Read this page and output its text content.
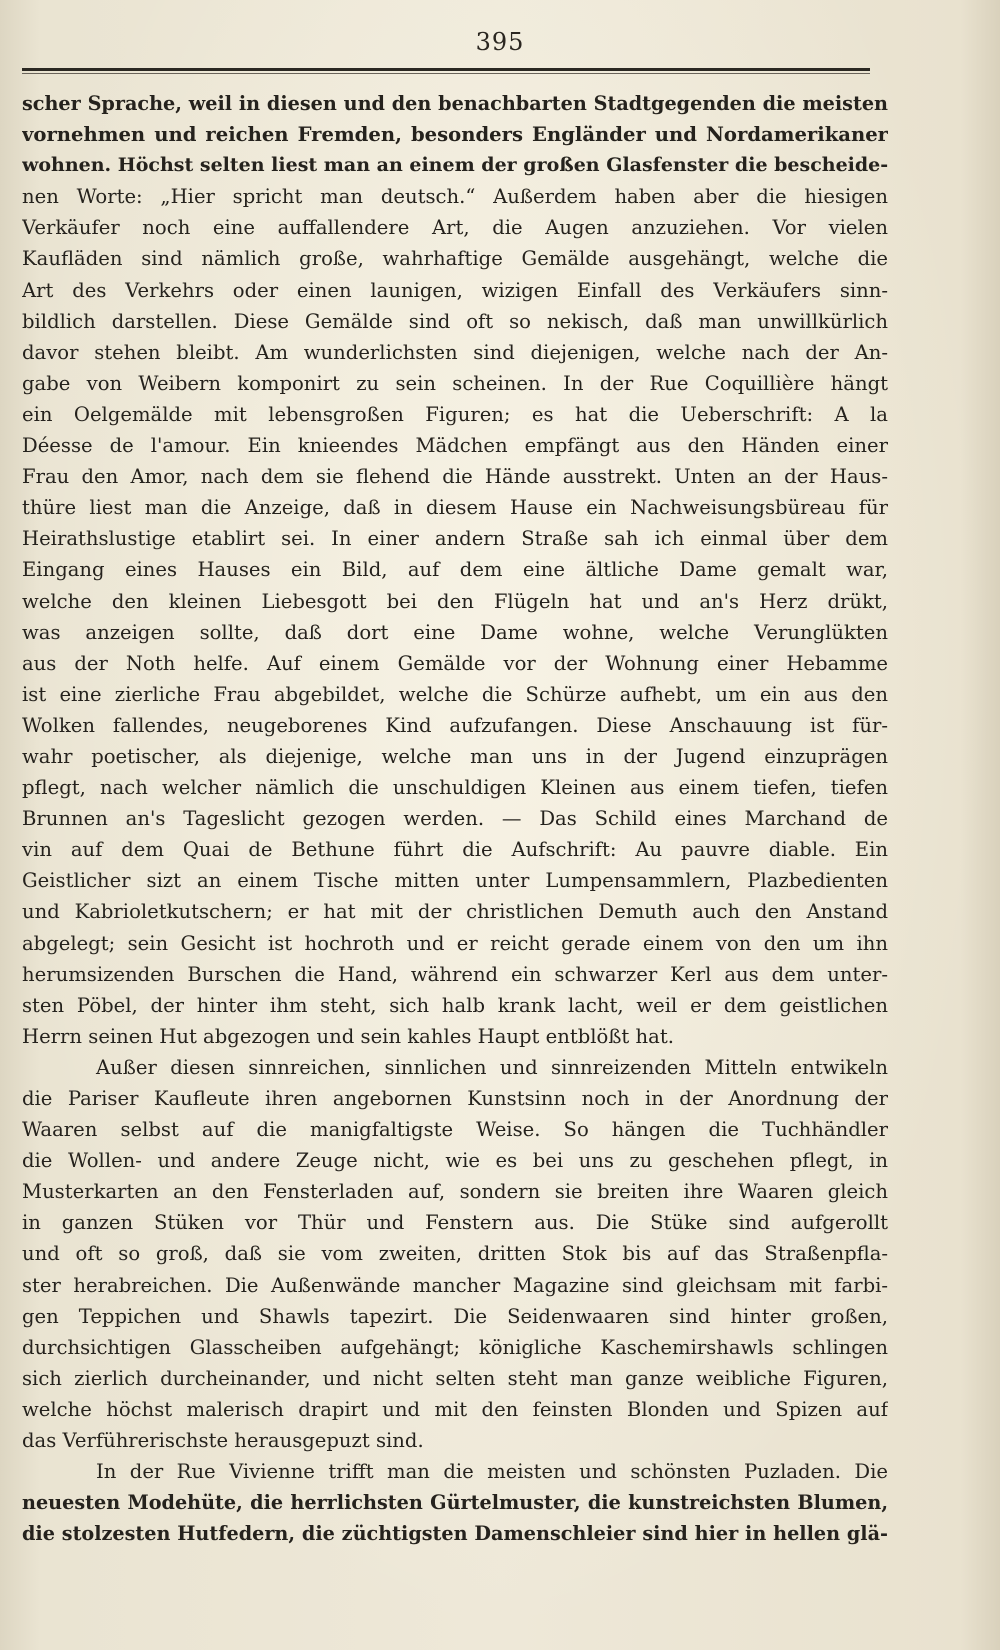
395
scher Sprache, weil in diesen und den benachbarten Stadtgegenden die meisten
vornehmen und reichen Fremden, besonders Engländer und Nordamerikaner
wohnen. Höchst selten liest man an einem der großen Glasfenster die bescheide-
nen Worte: „Hier spricht man deutsch.“ Außerdem haben aber die hiesigen
Verkäufer noch eine auffallendere Art, die Augen anzuziehen. Vor vielen
Kaufläden sind nämlich große, wahrhaftige Gemälde ausgehängt, welche die
Art des Verkehrs oder einen launigen, wizigen Einfall des Verkäufers sinn-
bildlich darstellen. Diese Gemälde sind oft so nekisch, daß man unwillkürlich
davor stehen bleibt. Am wunderlichsten sind diejenigen, welche nach der An-
gabe von Weibern komponirt zu sein scheinen. In der Rue Coquillière hängt
ein Oelgemälde mit lebensgroßen Figuren; es hat die Ueberschrift: A la
Déesse de l'amour. Ein knieendes Mädchen empfängt aus den Händen einer
Frau den Amor, nach dem sie flehend die Hände ausstrekt. Unten an der Haus-
thüre liest man die Anzeige, daß in diesem Hause ein Nachweisungsbüreau für
Heirathslustige etablirt sei. In einer andern Straße sah ich einmal über dem
Eingang eines Hauses ein Bild, auf dem eine ältliche Dame gemalt war,
welche den kleinen Liebesgott bei den Flügeln hat und an's Herz drükt,
was anzeigen sollte, daß dort eine Dame wohne, welche Verunglükten
aus der Noth helfe. Auf einem Gemälde vor der Wohnung einer Hebamme
ist eine zierliche Frau abgebildet, welche die Schürze aufhebt, um ein aus den
Wolken fallendes, neugeborenes Kind aufzufangen. Diese Anschauung ist für-
wahr poetischer, als diejenige, welche man uns in der Jugend einzuprägen
pflegt, nach welcher nämlich die unschuldigen Kleinen aus einem tiefen, tiefen
Brunnen an's Tageslicht gezogen werden. — Das Schild eines Marchand de
vin auf dem Quai de Bethune führt die Aufschrift: Au pauvre diable. Ein
Geistlicher sizt an einem Tische mitten unter Lumpensammlern, Plazbedienten
und Kabrioletkutschern; er hat mit der christlichen Demuth auch den Anstand
abgelegt; sein Gesicht ist hochroth und er reicht gerade einem von den um ihn
herumsizenden Burschen die Hand, während ein schwarzer Kerl aus dem unter-
sten Pöbel, der hinter ihm steht, sich halb krank lacht, weil er dem geistlichen
Herrn seinen Hut abgezogen und sein kahles Haupt entblößt hat.
Außer diesen sinnreichen, sinnlichen und sinnreizenden Mitteln entwikeln
die Pariser Kaufleute ihren angebornen Kunstsinn noch in der Anordnung der
Waaren selbst auf die manigfaltigste Weise. So hängen die Tuchhändler
die Wollen- und andere Zeuge nicht, wie es bei uns zu geschehen pflegt, in
Musterkarten an den Fensterladen auf, sondern sie breiten ihre Waaren gleich
in ganzen Stüken vor Thür und Fenstern aus. Die Stüke sind aufgerollt
und oft so groß, daß sie vom zweiten, dritten Stok bis auf das Straßenpfla-
ster herabreichen. Die Außenwände mancher Magazine sind gleichsam mit farbi-
gen Teppichen und Shawls tapezirt. Die Seidenwaaren sind hinter großen,
durchsichtigen Glasscheiben aufgehängt; königliche Kaschemirshawls schlingen
sich zierlich durcheinander, und nicht selten steht man ganze weibliche Figuren,
welche höchst malerisch drapirt und mit den feinsten Blonden und Spizen auf
das Verführerischste herausgepuzt sind.
In der Rue Vivienne trifft man die meisten und schönsten Puzladen. Die
neuesten Modehüte, die herrlichsten Gürtelmuster, die kunstreichsten Blumen,
die stolzesten Hutfedern, die züchtigsten Damenschleier sind hier in hellen glä-
